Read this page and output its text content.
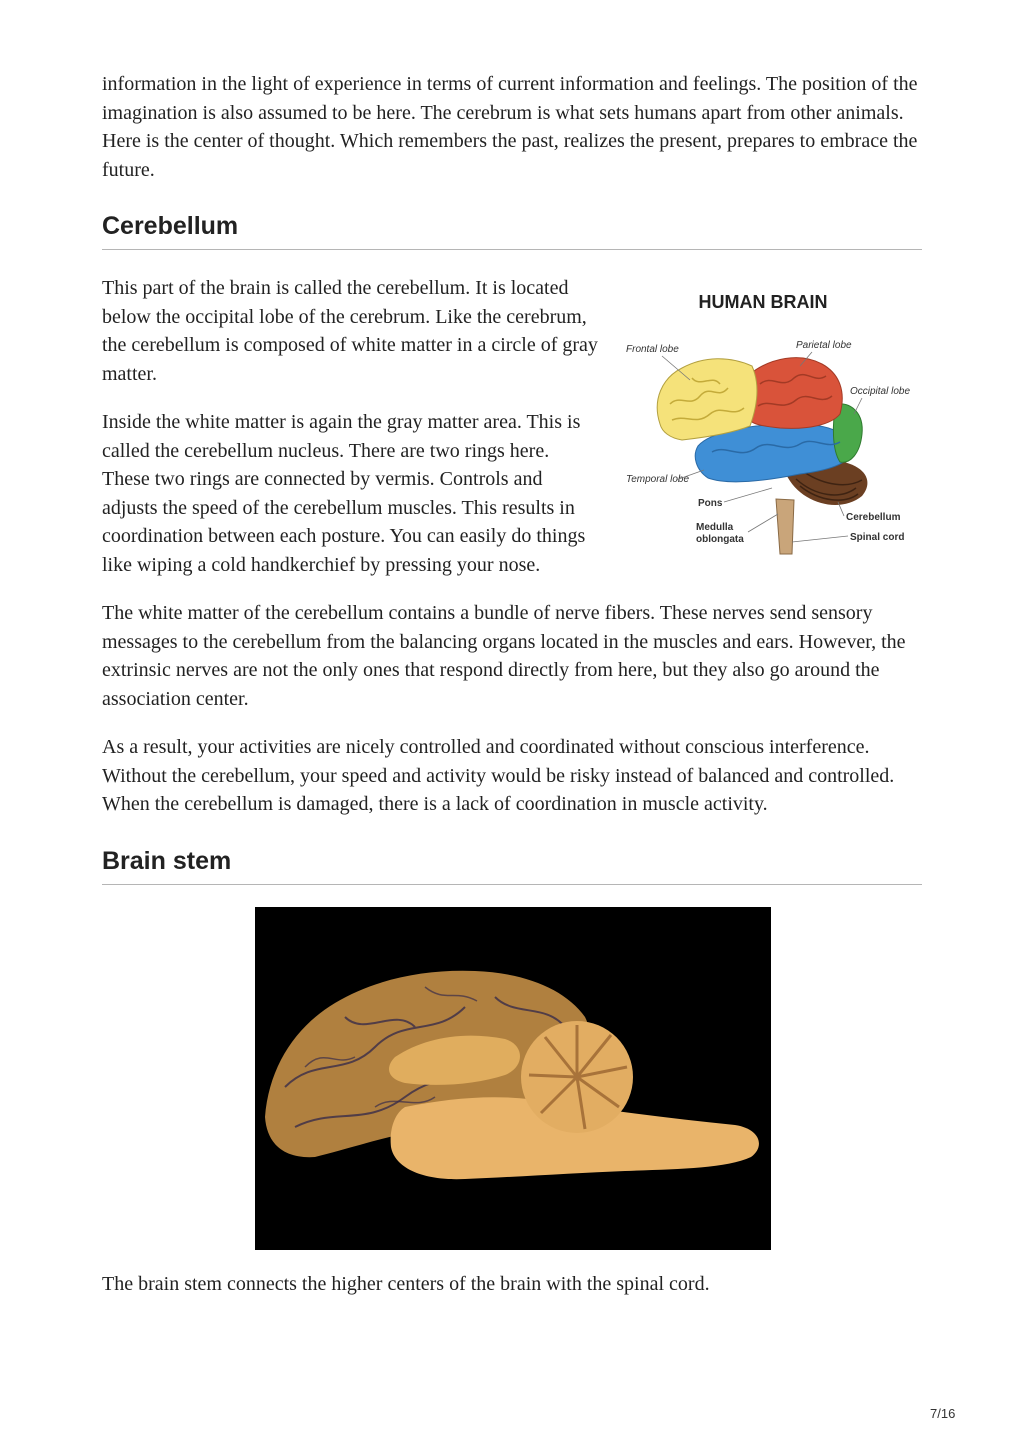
information in the light of experience in terms of current information and feelings. The position of the imagination is also assumed to be here. The cerebrum is what sets humans apart from other animals. Here is the center of thought. Which remembers the past, realizes the present, prepares to embrace the future.

Cerebellum

This part of the brain is called the cerebellum. It is located below the occipital lobe of the cerebrum. Like the cerebrum, the cerebellum is composed of white matter in a circle of gray matter.

Inside the white matter is again the gray matter area. This is called the cerebellum nucleus. There are two rings here. These two rings are connected by vermis. Controls and adjusts the speed of the cerebellum muscles. This results in coordination between each posture. You can easily do things like wiping a cold handkerchief by pressing your nose.

HUMAN BRAIN
Frontal lobe	Parietal lobe
Occipital lobe
Temporal lobe
Pons
Medulla
oblongata
Cerebellum
Spinal cord

The white matter of the cerebellum contains a bundle of nerve fibers. These nerves send sensory messages to the cerebellum from the balancing organs located in the muscles and ears. However, the extrinsic nerves are not the only ones that respond directly from here, but they also go around the association center.

As a result, your activities are nicely controlled and coordinated without conscious interference. Without the cerebellum, your speed and activity would be risky instead of balanced and controlled. When the cerebellum is damaged, there is a lack of coordination in muscle activity.

Brain stem

The brain stem connects the higher centers of the brain with the spinal cord.

7/16
